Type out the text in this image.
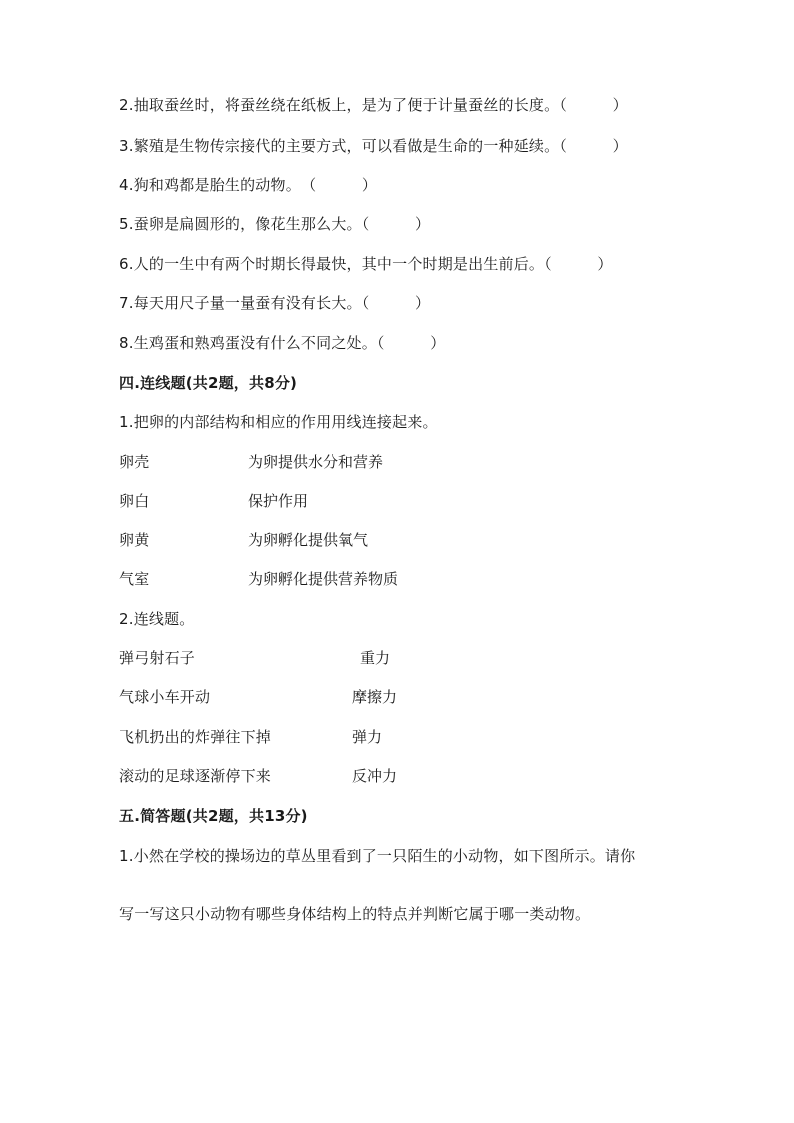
2.抽取蚕丝时，将蚕丝绕在纸板上，是为了便于计量蚕丝的长度。（　　　）
3.繁殖是生物传宗接代的主要方式，可以看做是生命的一种延续。（　　　）
4.狗和鸡都是胎生的动物。　（　　　）
5.蚕卵是扁圆形的，像花生那么大。（　　　）
6.人的一生中有两个时期长得最快，其中一个时期是出生前后。（　　　）
7.每天用尺子量一量蚕有没有长大。（　　　）
8.生鸡蛋和熟鸡蛋没有什么不同之处。（　　　）
四.连线题(共2题，共8分)
1.把卵的内部结构和相应的作用用线连接起来。
卵壳	为卵提供水分和营养
卵白	保护作用
卵黄	为卵孵化提供氧气
气室	为卵孵化提供营养物质
2.连线题。
弹弓射石子	重力
气球小车开动	摩擦力
飞机扔出的炸弹往下掉	弹力
滚动的足球逐渐停下来	反冲力
五.简答题(共2题，共13分)
1.小然在学校的操场边的草丛里看到了一只陌生的小动物，如下图所示。请你
写一写这只小动物有哪些身体结构上的特点并判断它属于哪一类动物。
